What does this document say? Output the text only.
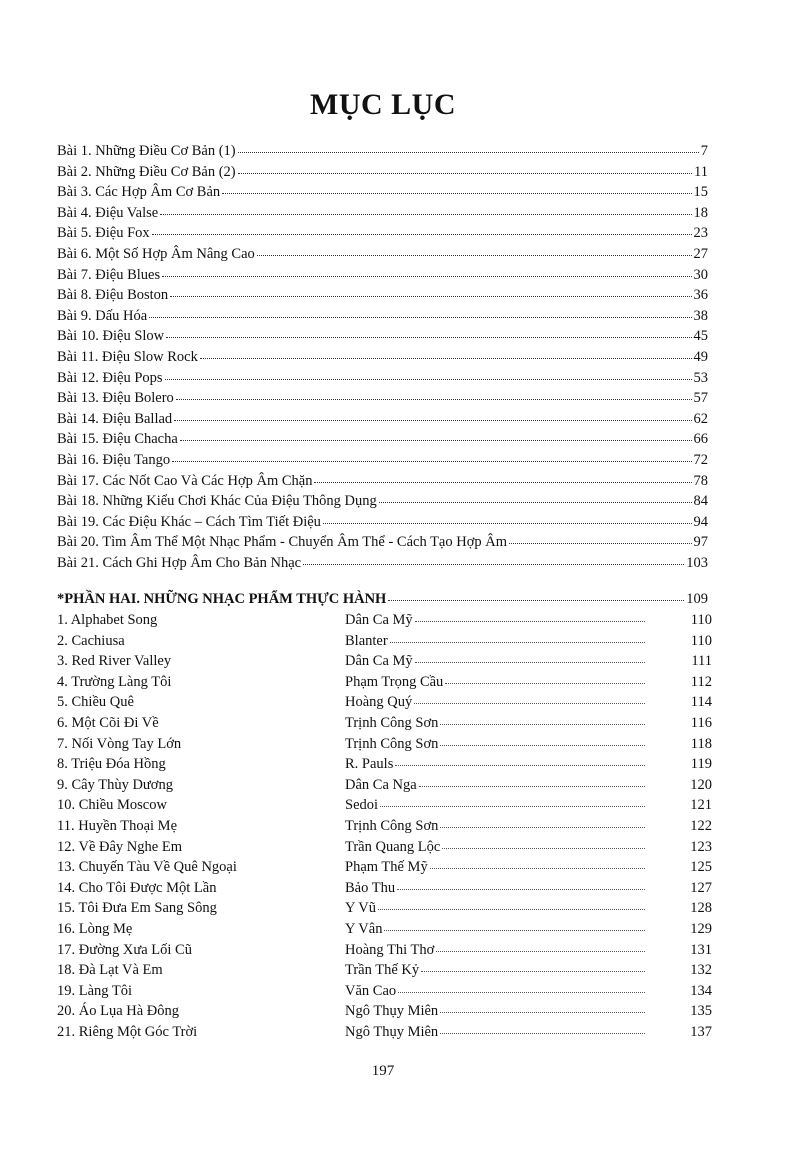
MỤC LỤC
Bài 1. Những Điều Cơ Bản (1)	7
Bài 2. Những Điều Cơ Bản (2)	11
Bài 3. Các Hợp Âm Cơ Bản	15
Bài 4. Điệu Valse	18
Bài 5. Điệu Fox	23
Bài 6. Một Số Hợp Âm Nâng Cao	27
Bài 7. Điệu Blues	30
Bài 8. Điệu Boston	36
Bài 9. Dấu Hóa	38
Bài 10. Điệu Slow	45
Bài 11. Điệu Slow Rock	49
Bài 12. Điệu Pops	53
Bài 13. Điệu Bolero	57
Bài 14. Điệu Ballad	62
Bài 15. Điệu Chacha	66
Bài 16. Điệu Tango	72
Bài 17. Các Nốt Cao Và Các Hợp Âm Chặn	78
Bài 18. Những Kiểu Chơi Khác Của Điệu Thông Dụng	84
Bài 19. Các Điệu Khác – Cách Tìm Tiết Điệu	94
Bài 20. Tìm Âm Thể Một Nhạc Phẩm - Chuyển Âm Thể - Cách Tạo Hợp Âm	97
Bài 21. Cách Ghi Hợp Âm Cho Bản Nhạc	103
*PHẦN HAI. NHỮNG NHẠC PHẨM THỰC HÀNH	109
1. Alphabet Song	Dân Ca Mỹ	110
2. Cachiusa	Blanter	110
3. Red River Valley	Dân Ca Mỹ	111
4. Trường Làng Tôi	Phạm Trọng Cầu	112
5. Chiều Quê	Hoàng Quý	114
6. Một Cõi Đi Về	Trịnh Công Sơn	116
7. Nối Vòng Tay Lớn	Trịnh Công Sơn	118
8. Triệu Đóa Hồng	R. Pauls	119
9. Cây Thùy Dương	Dân Ca Nga	120
10. Chiều Moscow	Sedoi	121
11. Huyền Thoại Mẹ	Trịnh Công Sơn	122
12. Về Đây Nghe Em	Trần Quang Lộc	123
13. Chuyến Tàu Về Quê Ngoại	Phạm Thế Mỹ	125
14. Cho Tôi Được Một Lần	Bảo Thu	127
15. Tôi Đưa Em Sang Sông	Y Vũ	128
16. Lòng Mẹ	Y Vân	129
17. Đường Xưa Lối Cũ	Hoàng Thi Thơ	131
18. Đà Lạt Và Em	Trần Thế Kỷ	132
19. Làng Tôi	Văn Cao	134
20. Áo Lụa Hà Đông	Ngô Thụy Miên	135
21. Riêng Một Góc Trời	Ngô Thụy Miên	137
197
